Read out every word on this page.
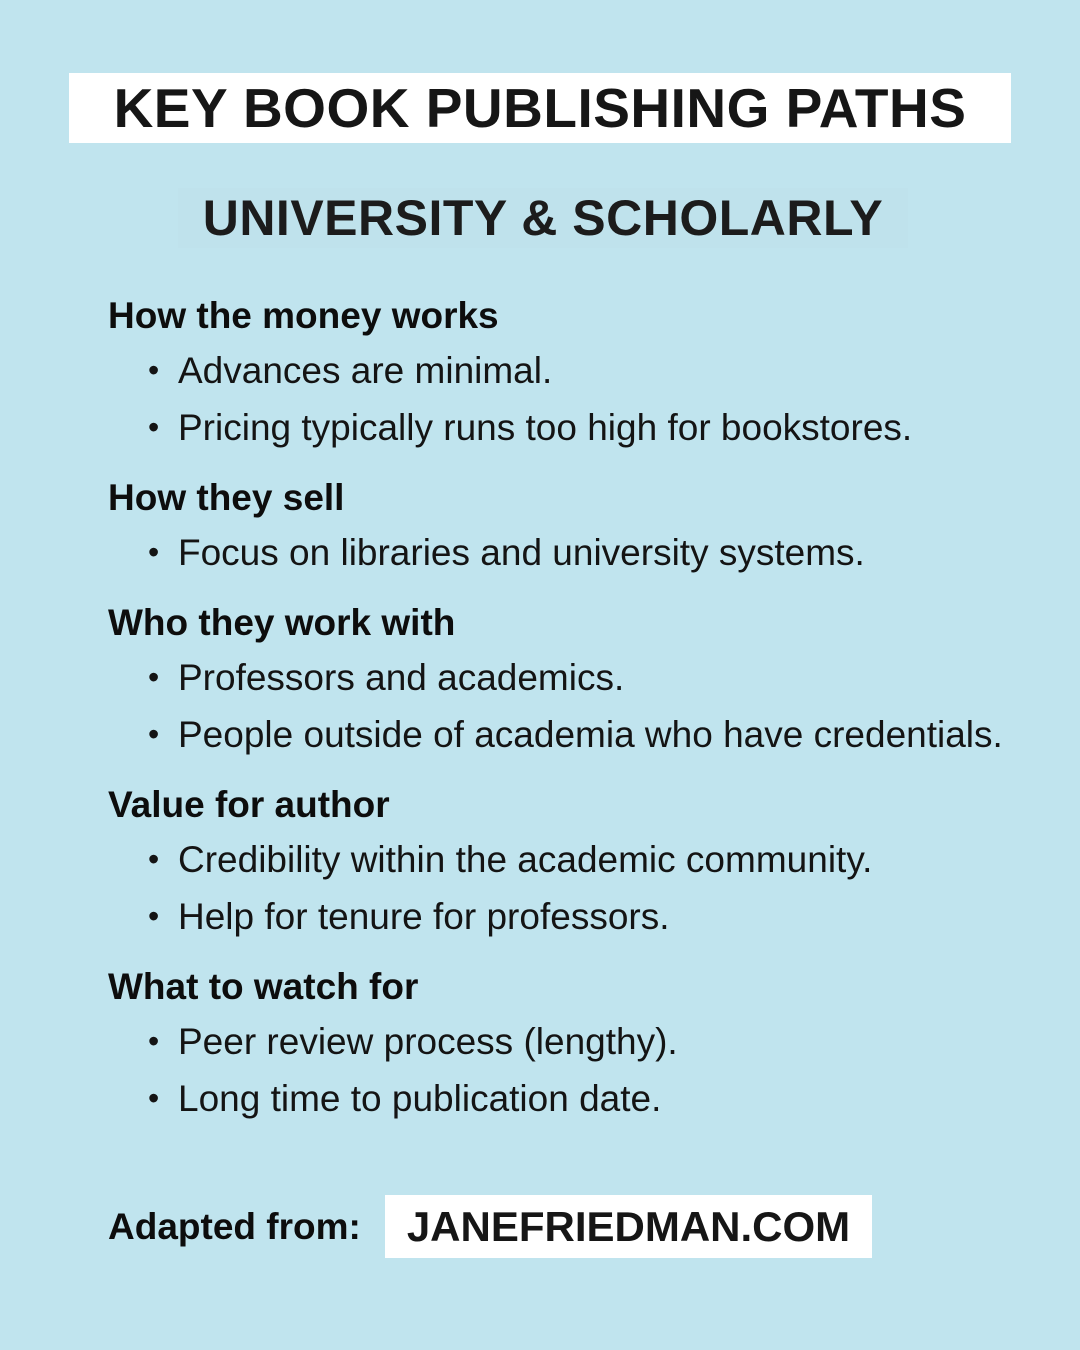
KEY BOOK PUBLISHING PATHS
UNIVERSITY & SCHOLARLY
How the money works
• Advances are minimal.
• Pricing typically runs too high for bookstores.
How they sell
• Focus on libraries and university systems.
Who they work with
• Professors and academics.
• People outside of academia who have credentials.
Value for author
• Credibility within the academic community.
• Help for tenure for professors.
What to watch for
• Peer review process (lengthy).
• Long time to publication date.
Adapted from: JANEFRIEDMAN.COM
